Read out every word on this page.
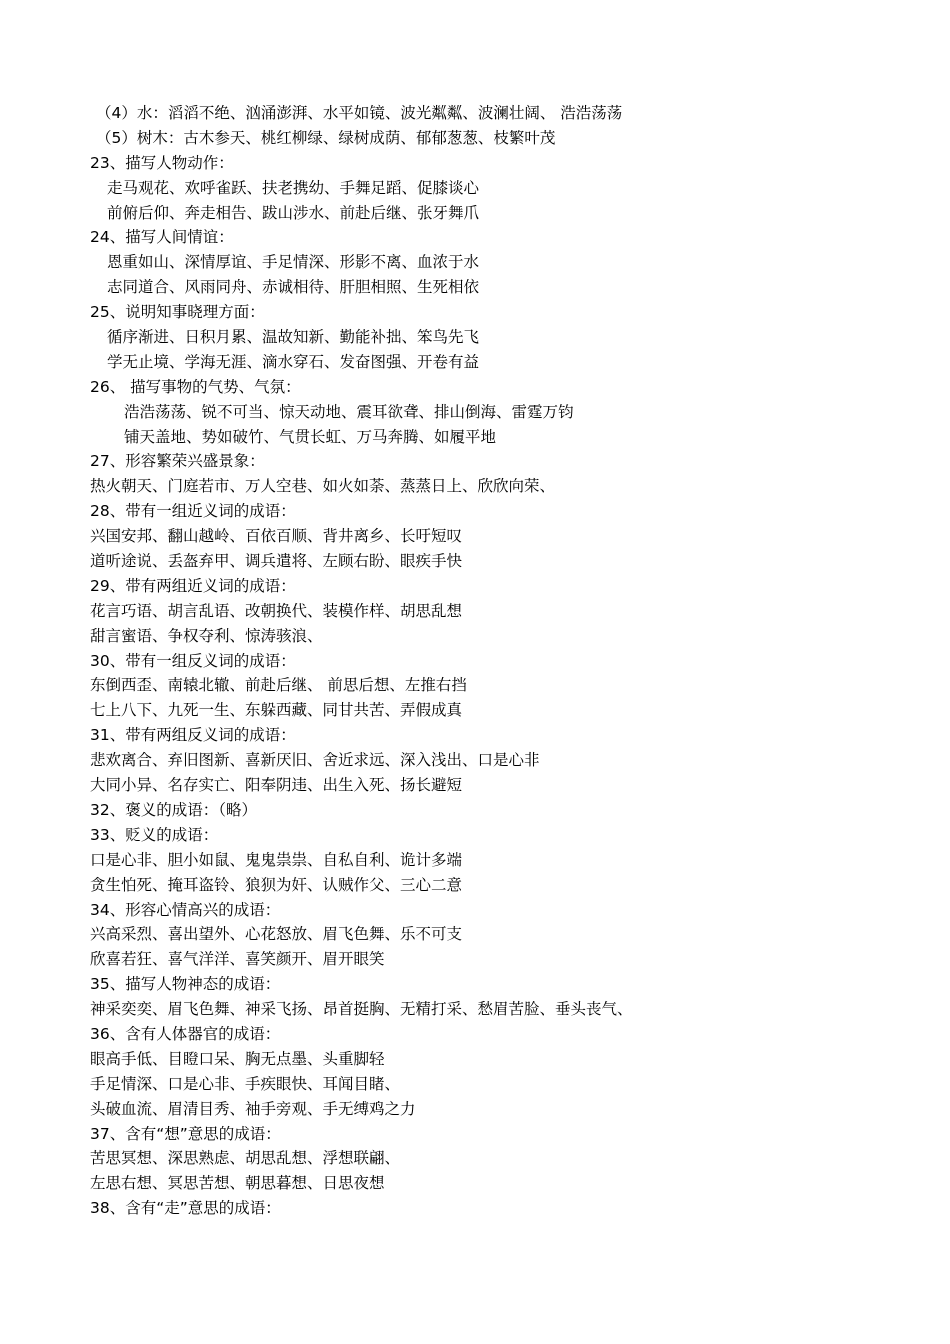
（4）水：滔滔不绝、汹涌澎湃、水平如镜、波光粼粼、波澜壮阔、 浩浩荡荡
（5）树木：古木参天、桃红柳绿、绿树成荫、郁郁葱葱、枝繁叶茂
23、描写人物动作：
走马观花、欢呼雀跃、扶老携幼、手舞足蹈、促膝谈心
前俯后仰、奔走相告、跋山涉水、前赴后继、张牙舞爪
24、描写人间情谊：
恩重如山、深情厚谊、手足情深、形影不离、血浓于水
志同道合、风雨同舟、赤诚相待、肝胆相照、生死相依
25、说明知事晓理方面：
循序渐进、日积月累、温故知新、勤能补拙、笨鸟先飞
学无止境、学海无涯、滴水穿石、发奋图强、开卷有益
26、 描写事物的气势、气氛：
浩浩荡荡、锐不可当、惊天动地、震耳欲聋、排山倒海、雷霆万钧
铺天盖地、势如破竹、气贯长虹、万马奔腾、如履平地
27、形容繁荣兴盛景象：
热火朝天、门庭若市、万人空巷、如火如荼、蒸蒸日上、欣欣向荣、
28、带有一组近义词的成语：
兴国安邦、翻山越岭、百依百顺、背井离乡、长吁短叹
道听途说、丢盔弃甲、调兵遣将、左顾右盼、眼疾手快
29、带有两组近义词的成语：
花言巧语、胡言乱语、改朝换代、装模作样、胡思乱想
甜言蜜语、争权夺利、惊涛骇浪、
30、带有一组反义词的成语：
东倒西歪、南辕北辙、前赴后继、 前思后想、左推右挡
七上八下、九死一生、东躲西藏、同甘共苦、弄假成真
31、带有两组反义词的成语：
悲欢离合、弃旧图新、喜新厌旧、舍近求远、深入浅出、口是心非
大同小异、名存实亡、阳奉阴违、出生入死、扬长避短
32、褒义的成语：（略）
33、贬义的成语：
口是心非、胆小如鼠、鬼鬼祟祟、自私自利、诡计多端
贪生怕死、掩耳盗铃、狼狈为奸、认贼作父、三心二意
34、形容心情高兴的成语：
兴高采烈、喜出望外、心花怒放、眉飞色舞、乐不可支
欣喜若狂、喜气洋洋、喜笑颜开、眉开眼笑
35、描写人物神态的成语：
神采奕奕、眉飞色舞、神采飞扬、昂首挺胸、无精打采、愁眉苦脸、垂头丧气、
36、含有人体器官的成语：
眼高手低、目瞪口呆、胸无点墨、头重脚轻
手足情深、口是心非、手疾眼快、耳闻目睹、
头破血流、眉清目秀、袖手旁观、手无缚鸡之力
37、含有“想”意思的成语：
苦思冥想、深思熟虑、胡思乱想、浮想联翩、
左思右想、冥思苦想、朝思暮想、日思夜想
38、含有“走”意思的成语：
